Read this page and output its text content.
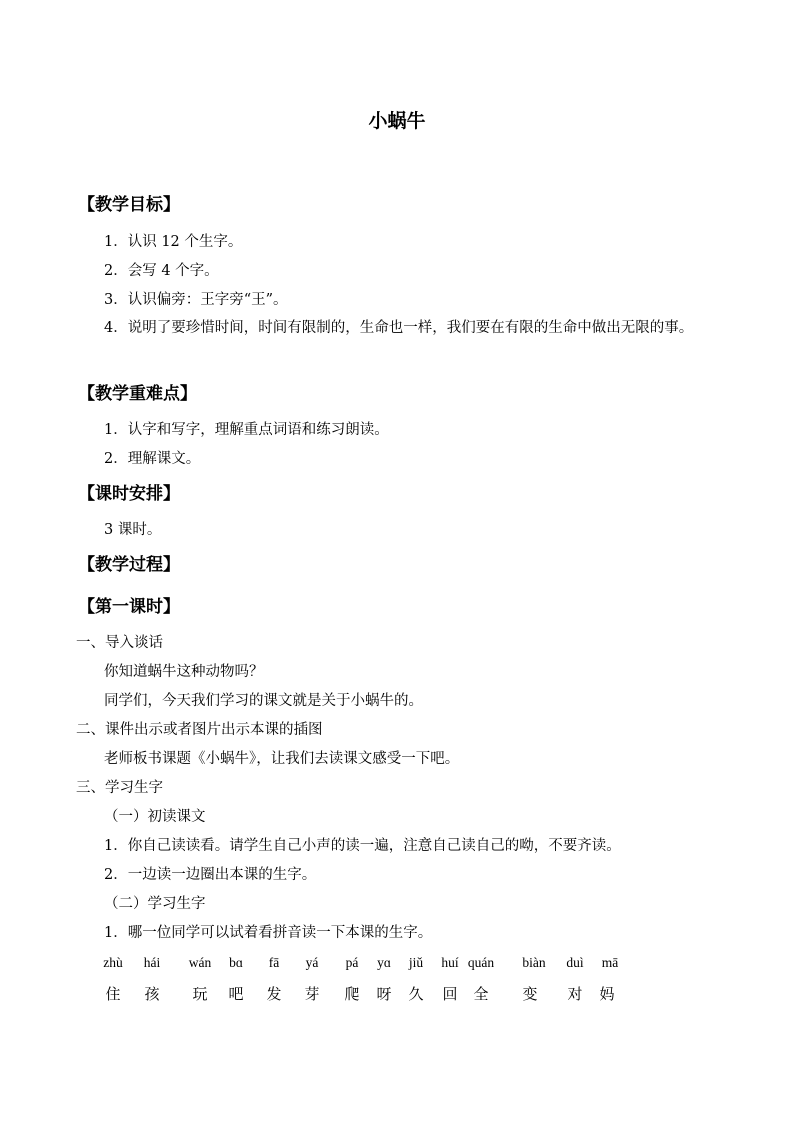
小蜗牛
【教学目标】
1．认识 12 个生字。
2．会写 4 个字。
3．认识偏旁：王字旁“王”。
4．说明了要珍惜时间，时间有限制的，生命也一样，我们要在有限的生命中做出无限的事。
【教学重难点】
1．认字和写字，理解重点词语和练习朗读。
2．理解课文。
【课时安排】
3 课时。
【教学过程】
【第一课时】
一、导入谈话
你知道蜗牛这种动物吗？
同学们，今天我们学习的课文就是关于小蜗牛的。
二、课件出示或者图片出示本课的插图
老师板书课题《小蜗牛》，让我们去读课文感受一下吧。
三、学习生字
（一）初读课文
1．你自己读读看。请学生自己小声的读一遍，注意自己读自己的呦，不要齐读。
2．一边读一边圈出本课的生字。
（二）学习生字
1．哪一位同学可以试着看拼音读一下本课的生字。
zhù hái wán bɑ fā yá pá yɑ jiǔ huí quán biàn duì mā
住 孩 玩 吧 发 芽 爬 呀 久 回 全 变 对 妈
